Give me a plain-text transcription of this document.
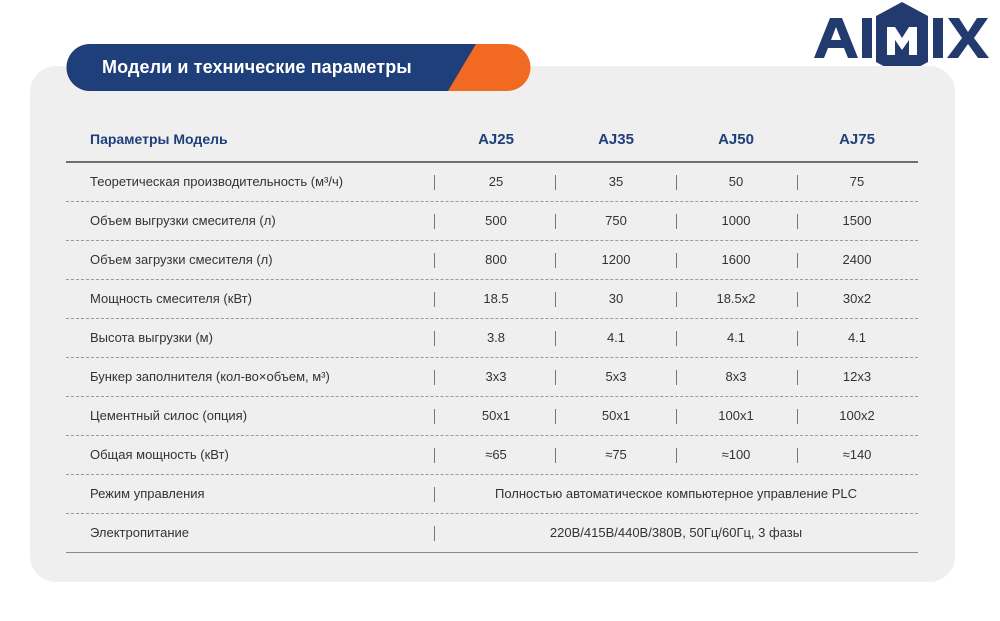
Модели и технические параметры
Параметры Модель	AJ25	AJ35	AJ50	AJ75
Теоретическая производительность (м³/ч)	25	35	50	75
Объем выгрузки смесителя (л)	500	750	1000	1500
Объем загрузки смесителя (л)	800	1200	1600	2400
Мощность смесителя (кВт)	18.5	30	18.5x2	30x2
Высота выгрузки (м)	3.8	4.1	4.1	4.1
Бункер заполнителя (кол-во×объем, м³)	3x3	5x3	8x3	12x3
Цементный силос (опция)	50x1	50x1	100x1	100x2
Общая мощность (кВт)	≈65	≈75	≈100	≈140
Режим управления	Полностью автоматическое компьютерное управление PLC
Электропитание	220В/415В/440В/380В, 50Гц/60Гц, 3 фазы
